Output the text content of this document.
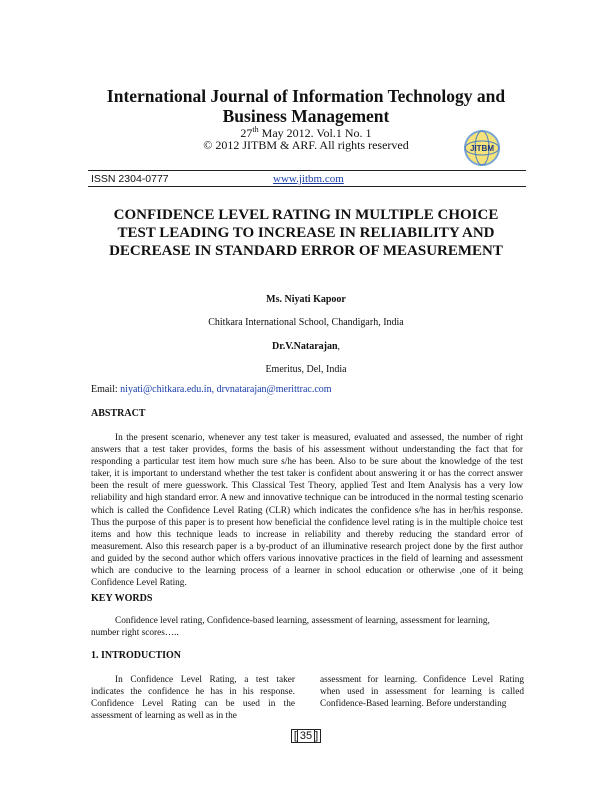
International Journal of Information Technology and
Business Management
27th May 2012. Vol.1 No. 1
© 2012 JITBM & ARF. All rights reserved	JITBM
ISSN 2304-0777	www.jitbm.com
CONFIDENCE LEVEL RATING IN MULTIPLE CHOICE
TEST LEADING TO INCREASE IN RELIABILITY AND
DECREASE IN STANDARD ERROR OF MEASUREMENT
Ms. Niyati Kapoor
Chitkara International School, Chandigarh, India
Dr.V.Natarajan,
Emeritus, Del, India
Email: niyati@chitkara.edu.in, drvnatarajan@merittrac.com
ABSTRACT

In the present scenario, whenever any test taker is measured, evaluated and assessed, the number of right answers that a test taker provides, forms the basis of his assessment without understanding the fact that for responding a particular test item how much sure s/he has been. Also to be sure about the knowledge of the test taker, it is important to understand whether the test taker is confident about answering it or has the correct answer been the result of mere guesswork. This Classical Test Theory, applied Test and Item Analysis has a very low reliability and high standard error. A new and innovative technique can be introduced in the normal testing scenario which is called the Confidence Level Rating (CLR) which indicates the confidence s/he has in her/his response. Thus the purpose of this paper is to present how beneficial the confidence level rating is in the multiple choice test items and how this technique leads to increase in reliability and thereby reducing the standard error of measurement. Also this research paper is a by-product of an illuminative research project done by the first author and guided by the second author which offers various innovative practices in the field of learning and assessment which are conducive to the learning process of a learner in school education or otherwise ,one of it being Confidence Level Rating.

KEY WORDS

Confidence level rating, Confidence-based learning, assessment of learning, assessment for learning,

number right scores…..
1. INTRODUCTION

In Confidence Level Rating, a test taker indicates the confidence he has in his response. Confidence Level Rating can be used in the assessment of learning as well as in the

assessment for learning. Confidence Level Rating when used in assessment for learning is called Confidence-Based learning. Before understanding

[ 35 ]
